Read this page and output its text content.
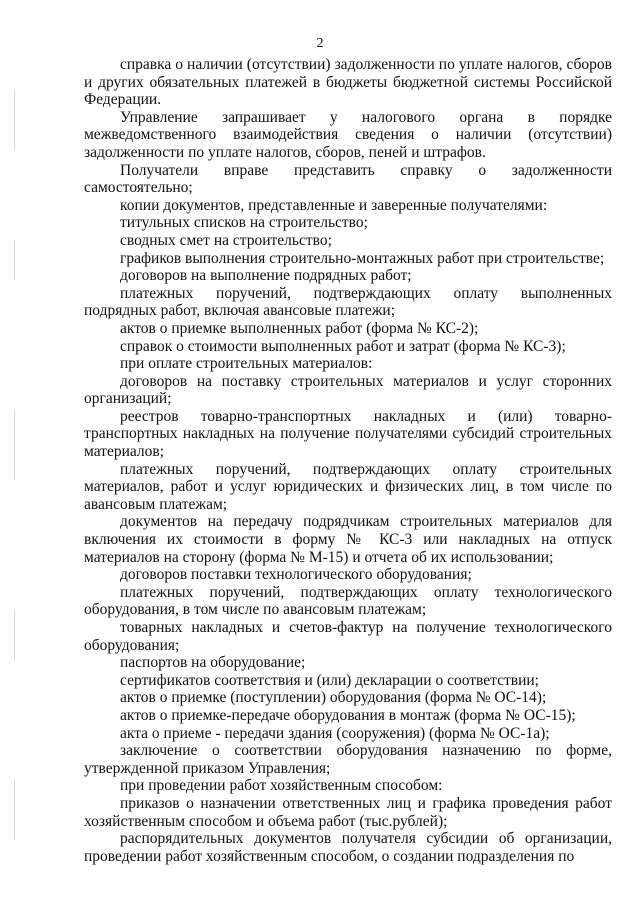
2

справка о наличии (отсутствии) задолженности по уплате налогов, сборов и других обязательных платежей в бюджеты бюджетной системы Российской Федерации.

Управление запрашивает у налогового органа в порядке межведомственного взаимодействия сведения о наличии (отсутствии) задолженности по уплате налогов, сборов, пеней и штрафов.

Получатели вправе представить справку о задолженности самостоятельно;

копии документов, представленные и заверенные получателями:

титульных списков на строительство;

сводных смет на строительство;

графиков выполнения строительно-монтажных работ при строительстве;

договоров на выполнение подрядных работ;

платежных поручений, подтверждающих оплату выполненных подрядных работ, включая авансовые платежи;

актов о приемке выполненных работ (форма № КС-2);

справок о стоимости выполненных работ и затрат (форма № КС-3);

при оплате строительных материалов:

договоров на поставку строительных материалов и услуг сторонних организаций;

реестров товарно-транспортных накладных и (или) товарно-транспортных накладных на получение получателями субсидий строительных материалов;

платежных поручений, подтверждающих оплату строительных материалов, работ и услуг юридических и физических лиц, в том числе по авансовым платежам;

документов на передачу подрядчикам строительных материалов для включения их стоимости в форму № КС-3 или накладных на отпуск материалов на сторону (форма № М-15) и отчета об их использовании;

договоров поставки технологического оборудования;

платежных поручений, подтверждающих оплату технологического оборудования, в том числе по авансовым платежам;

товарных накладных и счетов-фактур на получение технологического оборудования;

паспортов на оборудование;

сертификатов соответствия и (или) декларации о соответствии;

актов о приемке (поступлении) оборудования (форма № ОС-14);

актов о приемке-передаче оборудования в монтаж (форма № ОС-15);

акта о приеме - передачи здания (сооружения) (форма № ОС-1а);

заключение о соответствии оборудования назначению по форме, утвержденной приказом Управления;

при проведении работ хозяйственным способом:

приказов о назначении ответственных лиц и графика проведения работ хозяйственным способом и объема работ (тыс.рублей);

распорядительных документов получателя субсидии об организации, проведении работ хозяйственным способом, о создании подразделения по
